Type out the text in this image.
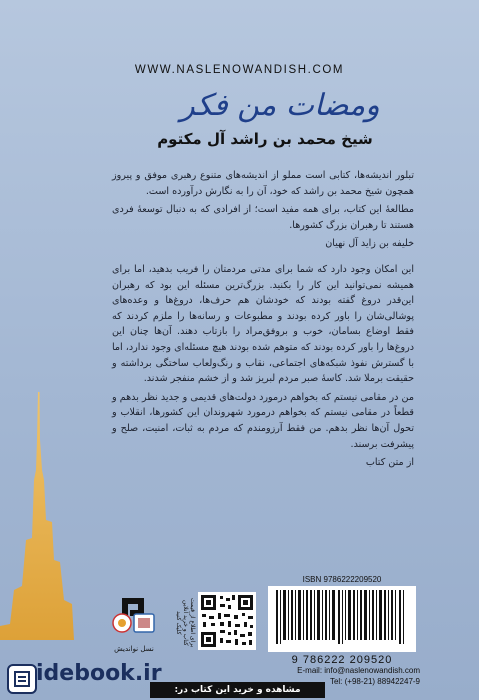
WWW.NASLENOWANDISH.COM
ومضات من فکر
شیخ محمد بن راشد آل مکتوم

تبلور اندیشه‌ها، کتابی است مملو از اندیشه‌های متنوع رهبری موفق و پیروز همچون شیخ محمد بن راشد که خود، آن را به نگارش درآورده است.

مطالعهٔ این کتاب، برای همه مفید است؛ از افرادی که به دنبال توسعهٔ فردی هستند تا رهبران بزرگ کشورها.

خلیفه بن زاید آل نهیان

این امکان وجود دارد که شما برای مدتی مردمتان را فریب بدهید، اما برای همیشه نمی‌توانید این کار را بکنید. بزرگ‌ترین مسئله این بود که رهبران این‌قدر دروغ گفته بودند که خودشان هم حرف‌ها، دروغ‌ها و وعده‌های پوشالی‌شان را باور کرده بودند و مطبوعات و رسانه‌ها را ملزم کردند که فقط اوضاع بسامان، خوب و بروفق‌مراد را بازتاب دهند. آن‌ها چنان این دروغ‌ها را باور کرده بودند که متوهم شده بودند هیچ مسئله‌ای وجود ندارد، اما با گسترش نفوذ شبکه‌های اجتماعی، نقاب و رنگ‌ولعاب ساختگی برداشته و حقیقت برملا شد. کاسهٔ صبر مردم لبریز شد و از خشم منفجر شدند.

من در مقامی نیستم که بخواهم درمورد دولت‌های قدیمی و جدید نظر بدهم و قطعاً در مقامی نیستم که بخواهم درمورد شهروندان این کشورها، انقلاب و تحول آن‌ها نظر بدهم. من فقط آرزومندم که مردم به ثبات، امنیت، صلح و پیشرفت برسند.

از متن کتاب

ISBN 9786222209520
9 786222 209520
برای اطلاع از قیمت کتاب و خرید آنلاین کلیک کنید
نسل نواندیش
E-mail: info@naslenowandish.com
Tel: (+98-21) 88942247-9
مشاهده و خرید این کتاب در:
idebook.ir
